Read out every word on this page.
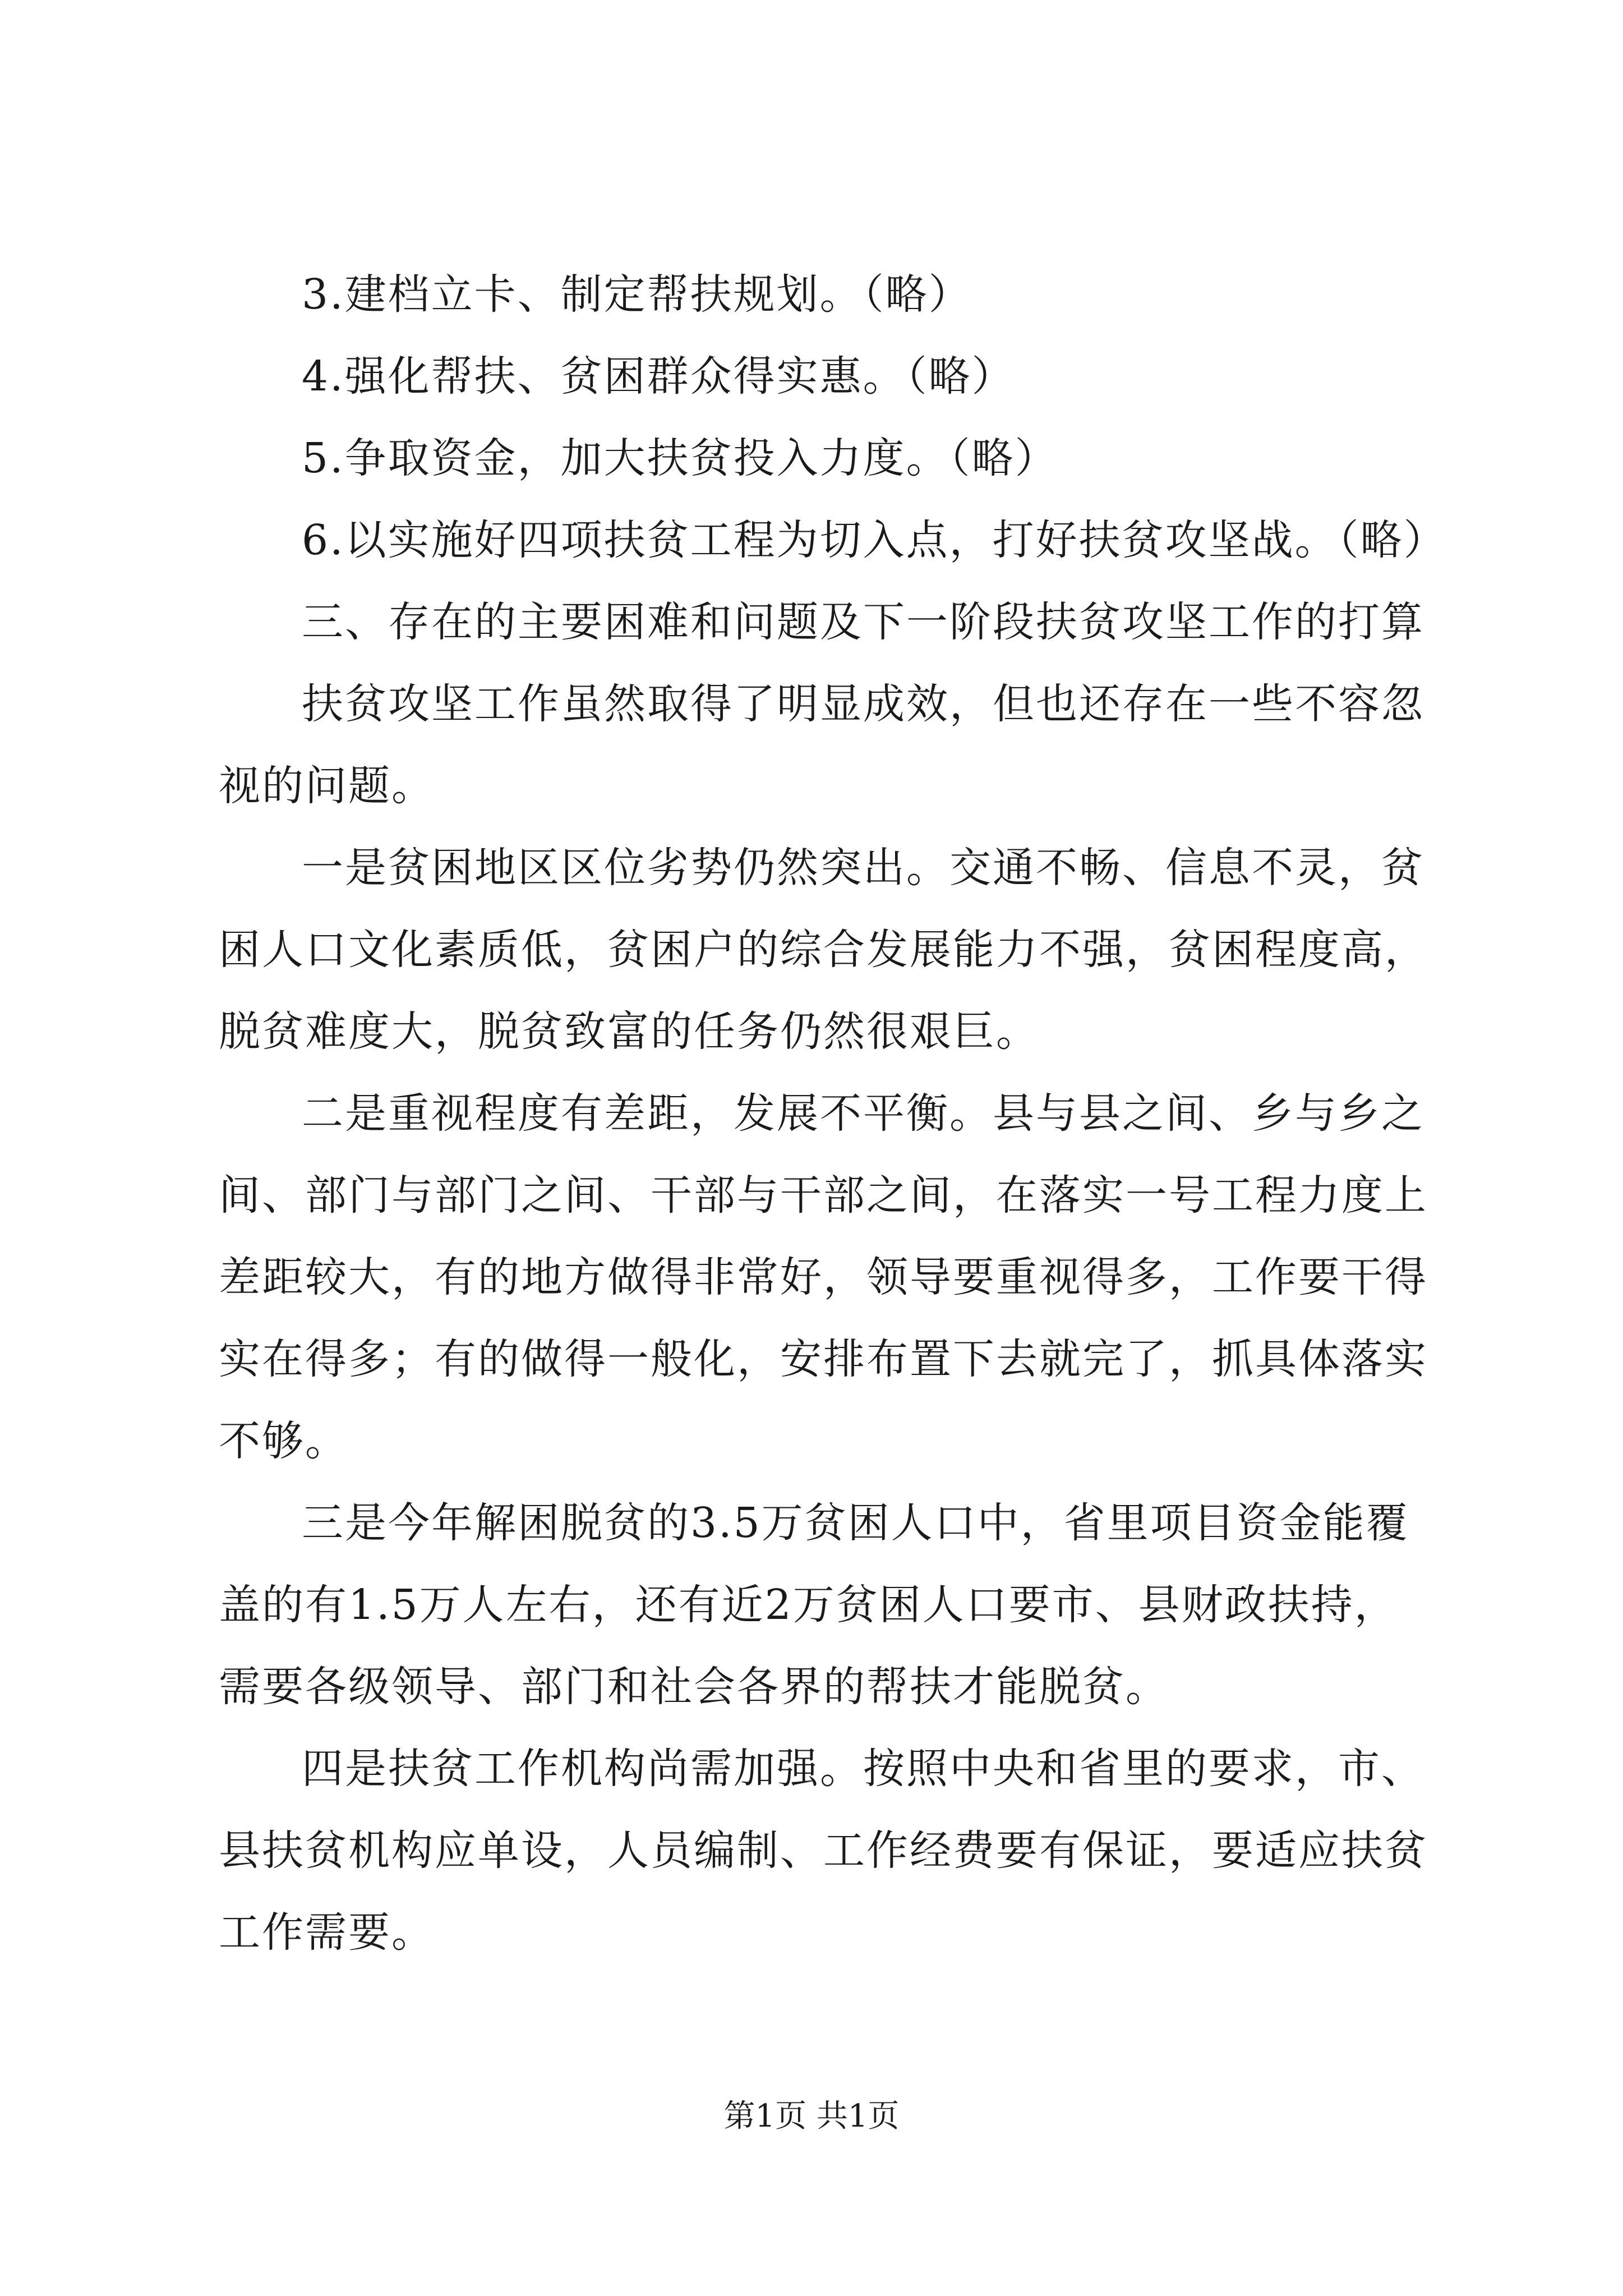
3.建档立卡、制定帮扶规划。（略）
4.强化帮扶、贫困群众得实惠。（略）
5.争取资金，加大扶贫投入力度。（略）
6.以实施好四项扶贫工程为切入点，打好扶贫攻坚战。（略）
三、存在的主要困难和问题及下一阶段扶贫攻坚工作的打算
扶贫攻坚工作虽然取得了明显成效，但也还存在一些不容忽
视的问题。
一是贫困地区区位劣势仍然突出。交通不畅、信息不灵，贫
困人口文化素质低，贫困户的综合发展能力不强，贫困程度高，
脱贫难度大，脱贫致富的任务仍然很艰巨。
二是重视程度有差距，发展不平衡。县与县之间、乡与乡之
间、部门与部门之间、干部与干部之间，在落实一号工程力度上
差距较大，有的地方做得非常好，领导要重视得多，工作要干得
实在得多；有的做得一般化，安排布置下去就完了，抓具体落实
不够。
三是今年解困脱贫的3.5万贫困人口中，省里项目资金能覆
盖的有1.5万人左右，还有近2万贫困人口要市、县财政扶持，
需要各级领导、部门和社会各界的帮扶才能脱贫。
四是扶贫工作机构尚需加强。按照中央和省里的要求，市、
县扶贫机构应单设，人员编制、工作经费要有保证，要适应扶贫
工作需要。
第1页 共1页
